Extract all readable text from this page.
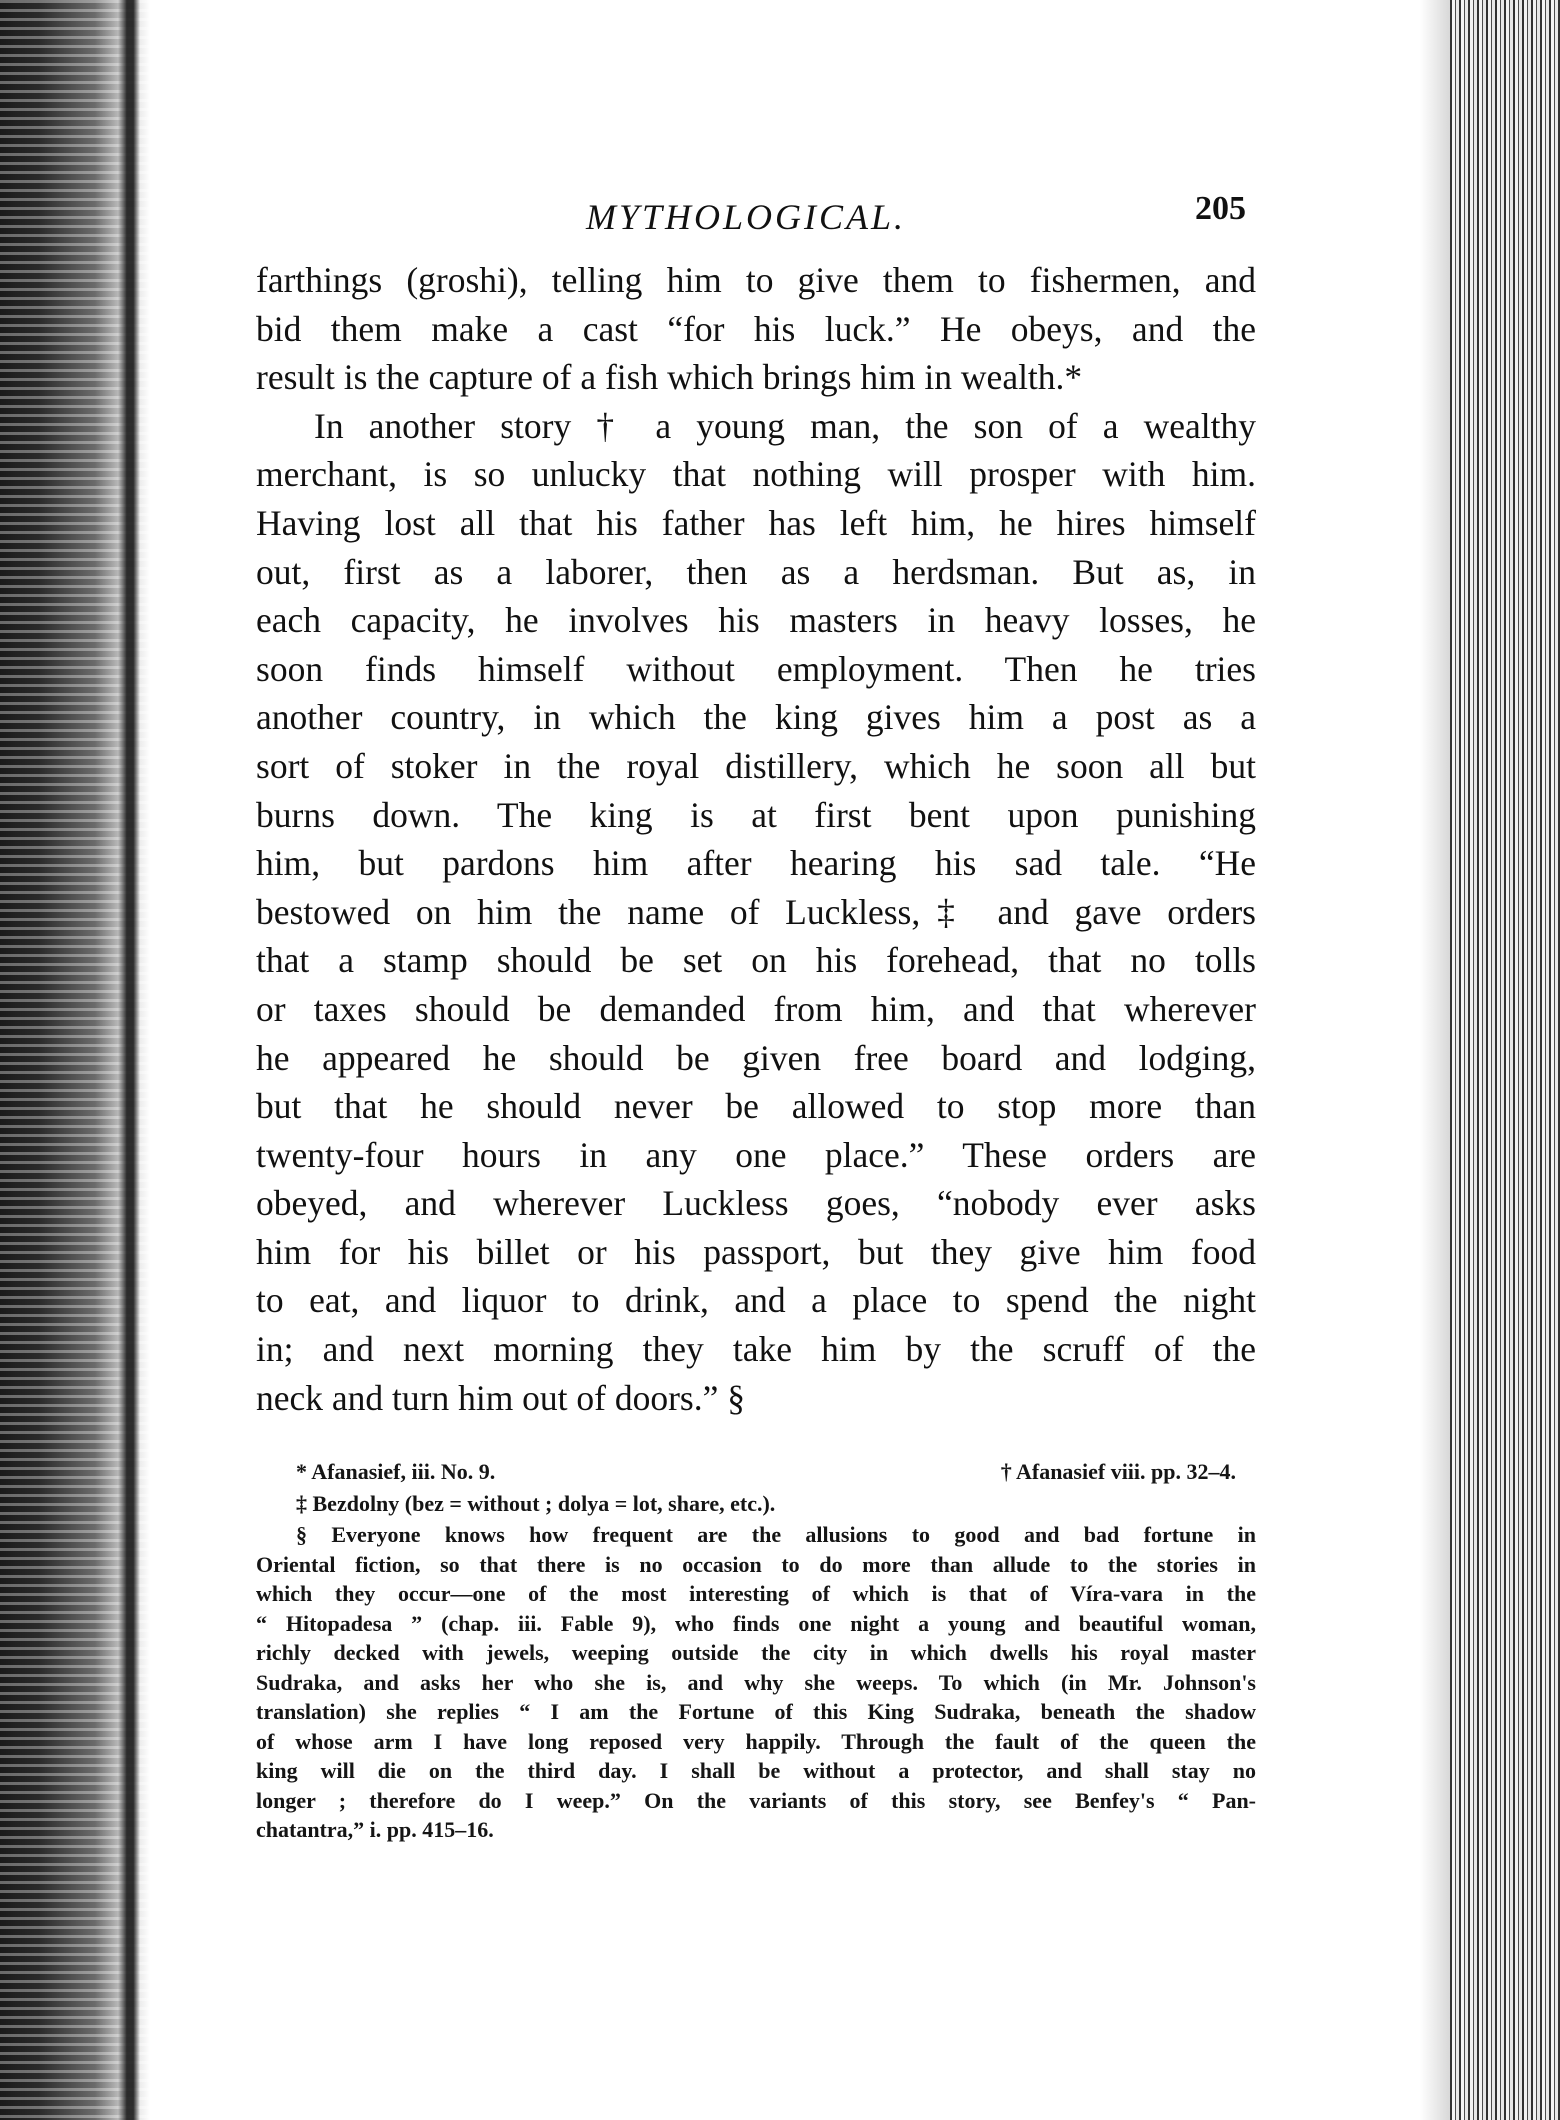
MYTHOLOGICAL.	205
farthings (groshi), telling him to give them to fishermen, and
bid them make a cast “for his luck.” He obeys, and the
result is the capture of a fish which brings him in wealth.*
In another story † a young man, the son of a wealthy
merchant, is so unlucky that nothing will prosper with him.
Having lost all that his father has left him, he hires himself
out, first as a laborer, then as a herdsman. But as, in
each capacity, he involves his masters in heavy losses, he
soon finds himself without employment. Then he tries
another country, in which the king gives him a post as a
sort of stoker in the royal distillery, which he soon all but
burns down. The king is at first bent upon punishing
him, but pardons him after hearing his sad tale. “He
bestowed on him the name of Luckless,‡ and gave orders
that a stamp should be set on his forehead, that no tolls
or taxes should be demanded from him, and that wherever
he appeared he should be given free board and lodging,
but that he should never be allowed to stop more than
twenty-four hours in any one place.” These orders are
obeyed, and wherever Luckless goes, “nobody ever asks
him for his billet or his passport, but they give him food
to eat, and liquor to drink, and a place to spend the night
in; and next morning they take him by the scruff of the
neck and turn him out of doors.” §
* Afanasief, iii. No. 9.	† Afanasief viii. pp. 32–4.
‡ Bezdolny (bez = without ; dolya = lot, share, etc.).
§ Everyone knows how frequent are the allusions to good and bad fortune in
Oriental fiction, so that there is no occasion to do more than allude to the stories in
which they occur—one of the most interesting of which is that of Víra-vara in the
“ Hitopadesa ” (chap. iii. Fable 9), who finds one night a young and beautiful woman,
richly decked with jewels, weeping outside the city in which dwells his royal master
Sudraka, and asks her who she is, and why she weeps. To which (in Mr. Johnson's
translation) she replies “ I am the Fortune of this King Sudraka, beneath the shadow
of whose arm I have long reposed very happily. Through the fault of the queen the
king will die on the third day. I shall be without a protector, and shall stay no
longer ; therefore do I weep.” On the variants of this story, see Benfey's “ Pan-
chatantra,” i. pp. 415–16.
